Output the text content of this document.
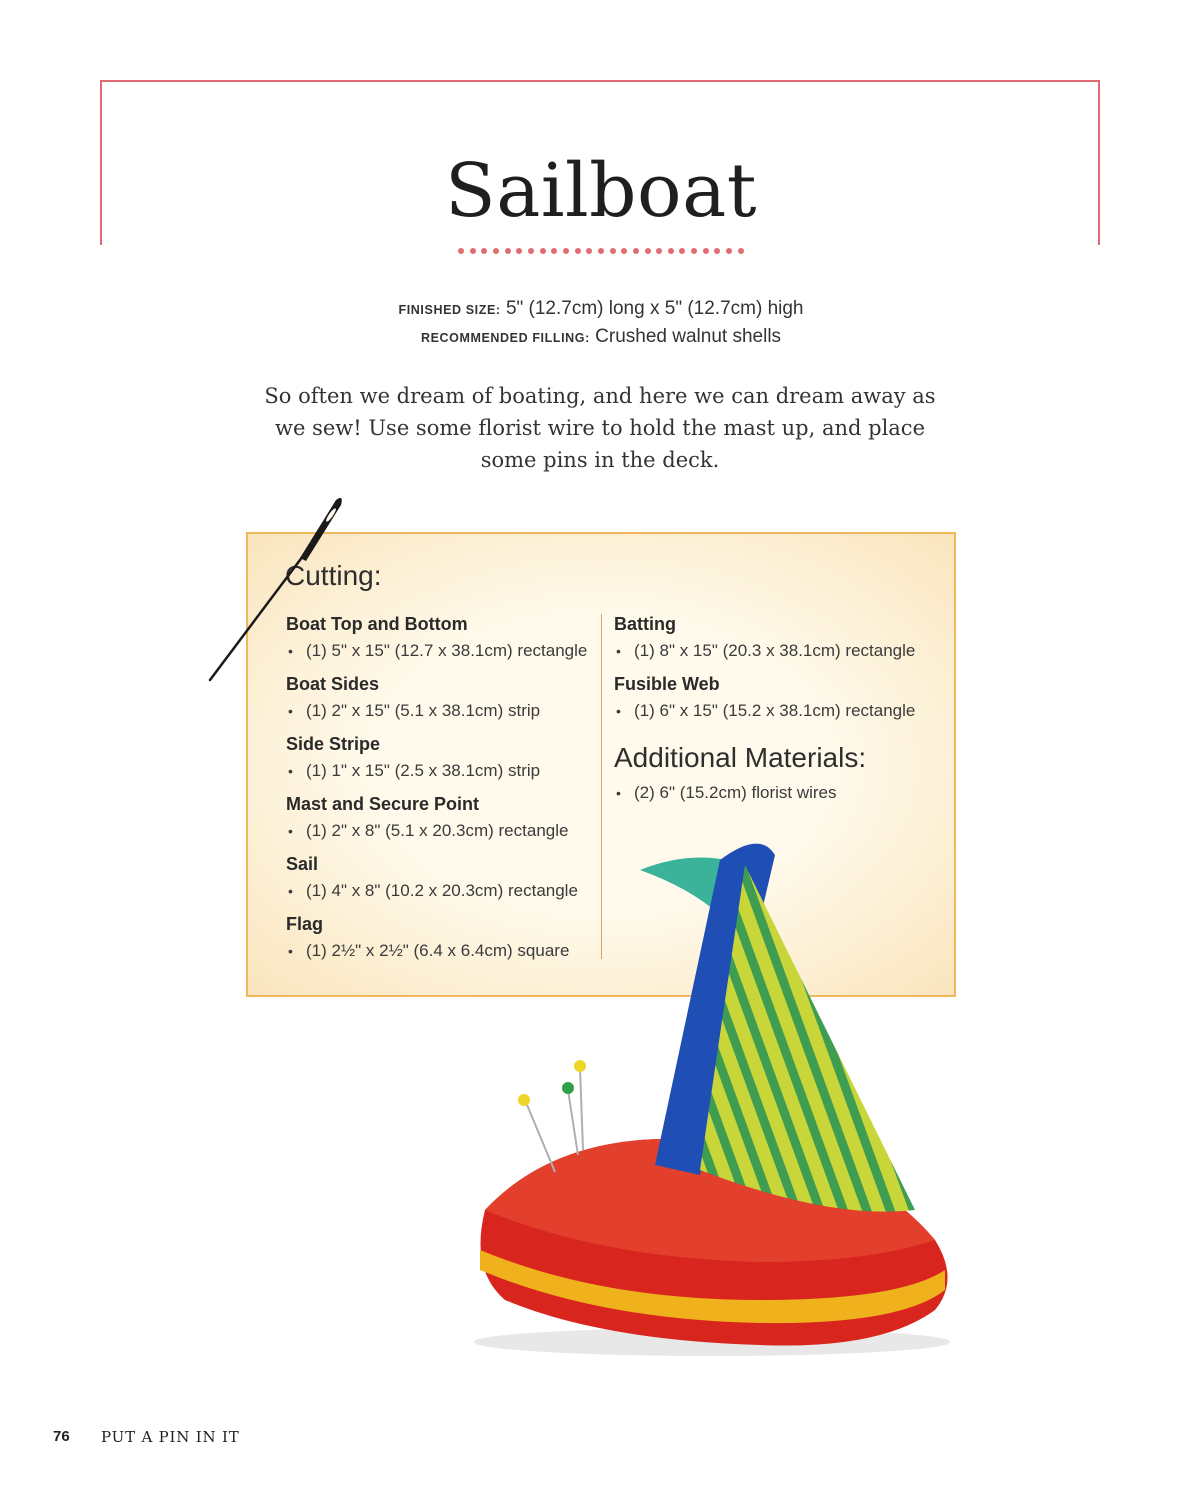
Sailboat
FINISHED SIZE: 5" (12.7cm) long x 5" (12.7cm) high
RECOMMENDED FILLING: Crushed walnut shells
So often we dream of boating, and here we can dream away as we sew! Use some florist wire to hold the mast up, and place some pins in the deck.
Cutting:
Boat Top and Bottom
• (1) 5" x 15" (12.7 x 38.1cm) rectangle
Boat Sides
• (1) 2" x 15" (5.1 x 38.1cm) strip
Side Stripe
• (1) 1" x 15" (2.5 x 38.1cm) strip
Mast and Secure Point
• (1) 2" x 8" (5.1 x 20.3cm) rectangle
Sail
• (1) 4" x 8" (10.2 x 20.3cm) rectangle
Flag
• (1) 2½" x 2½" (6.4 x 6.4cm) square
Batting
• (1) 8" x 15" (20.3 x 38.1cm) rectangle
Fusible Web
• (1) 6" x 15" (15.2 x 38.1cm) rectangle
Additional Materials:
• (2) 6" (15.2cm) florist wires
76 PUT A PIN IN IT
